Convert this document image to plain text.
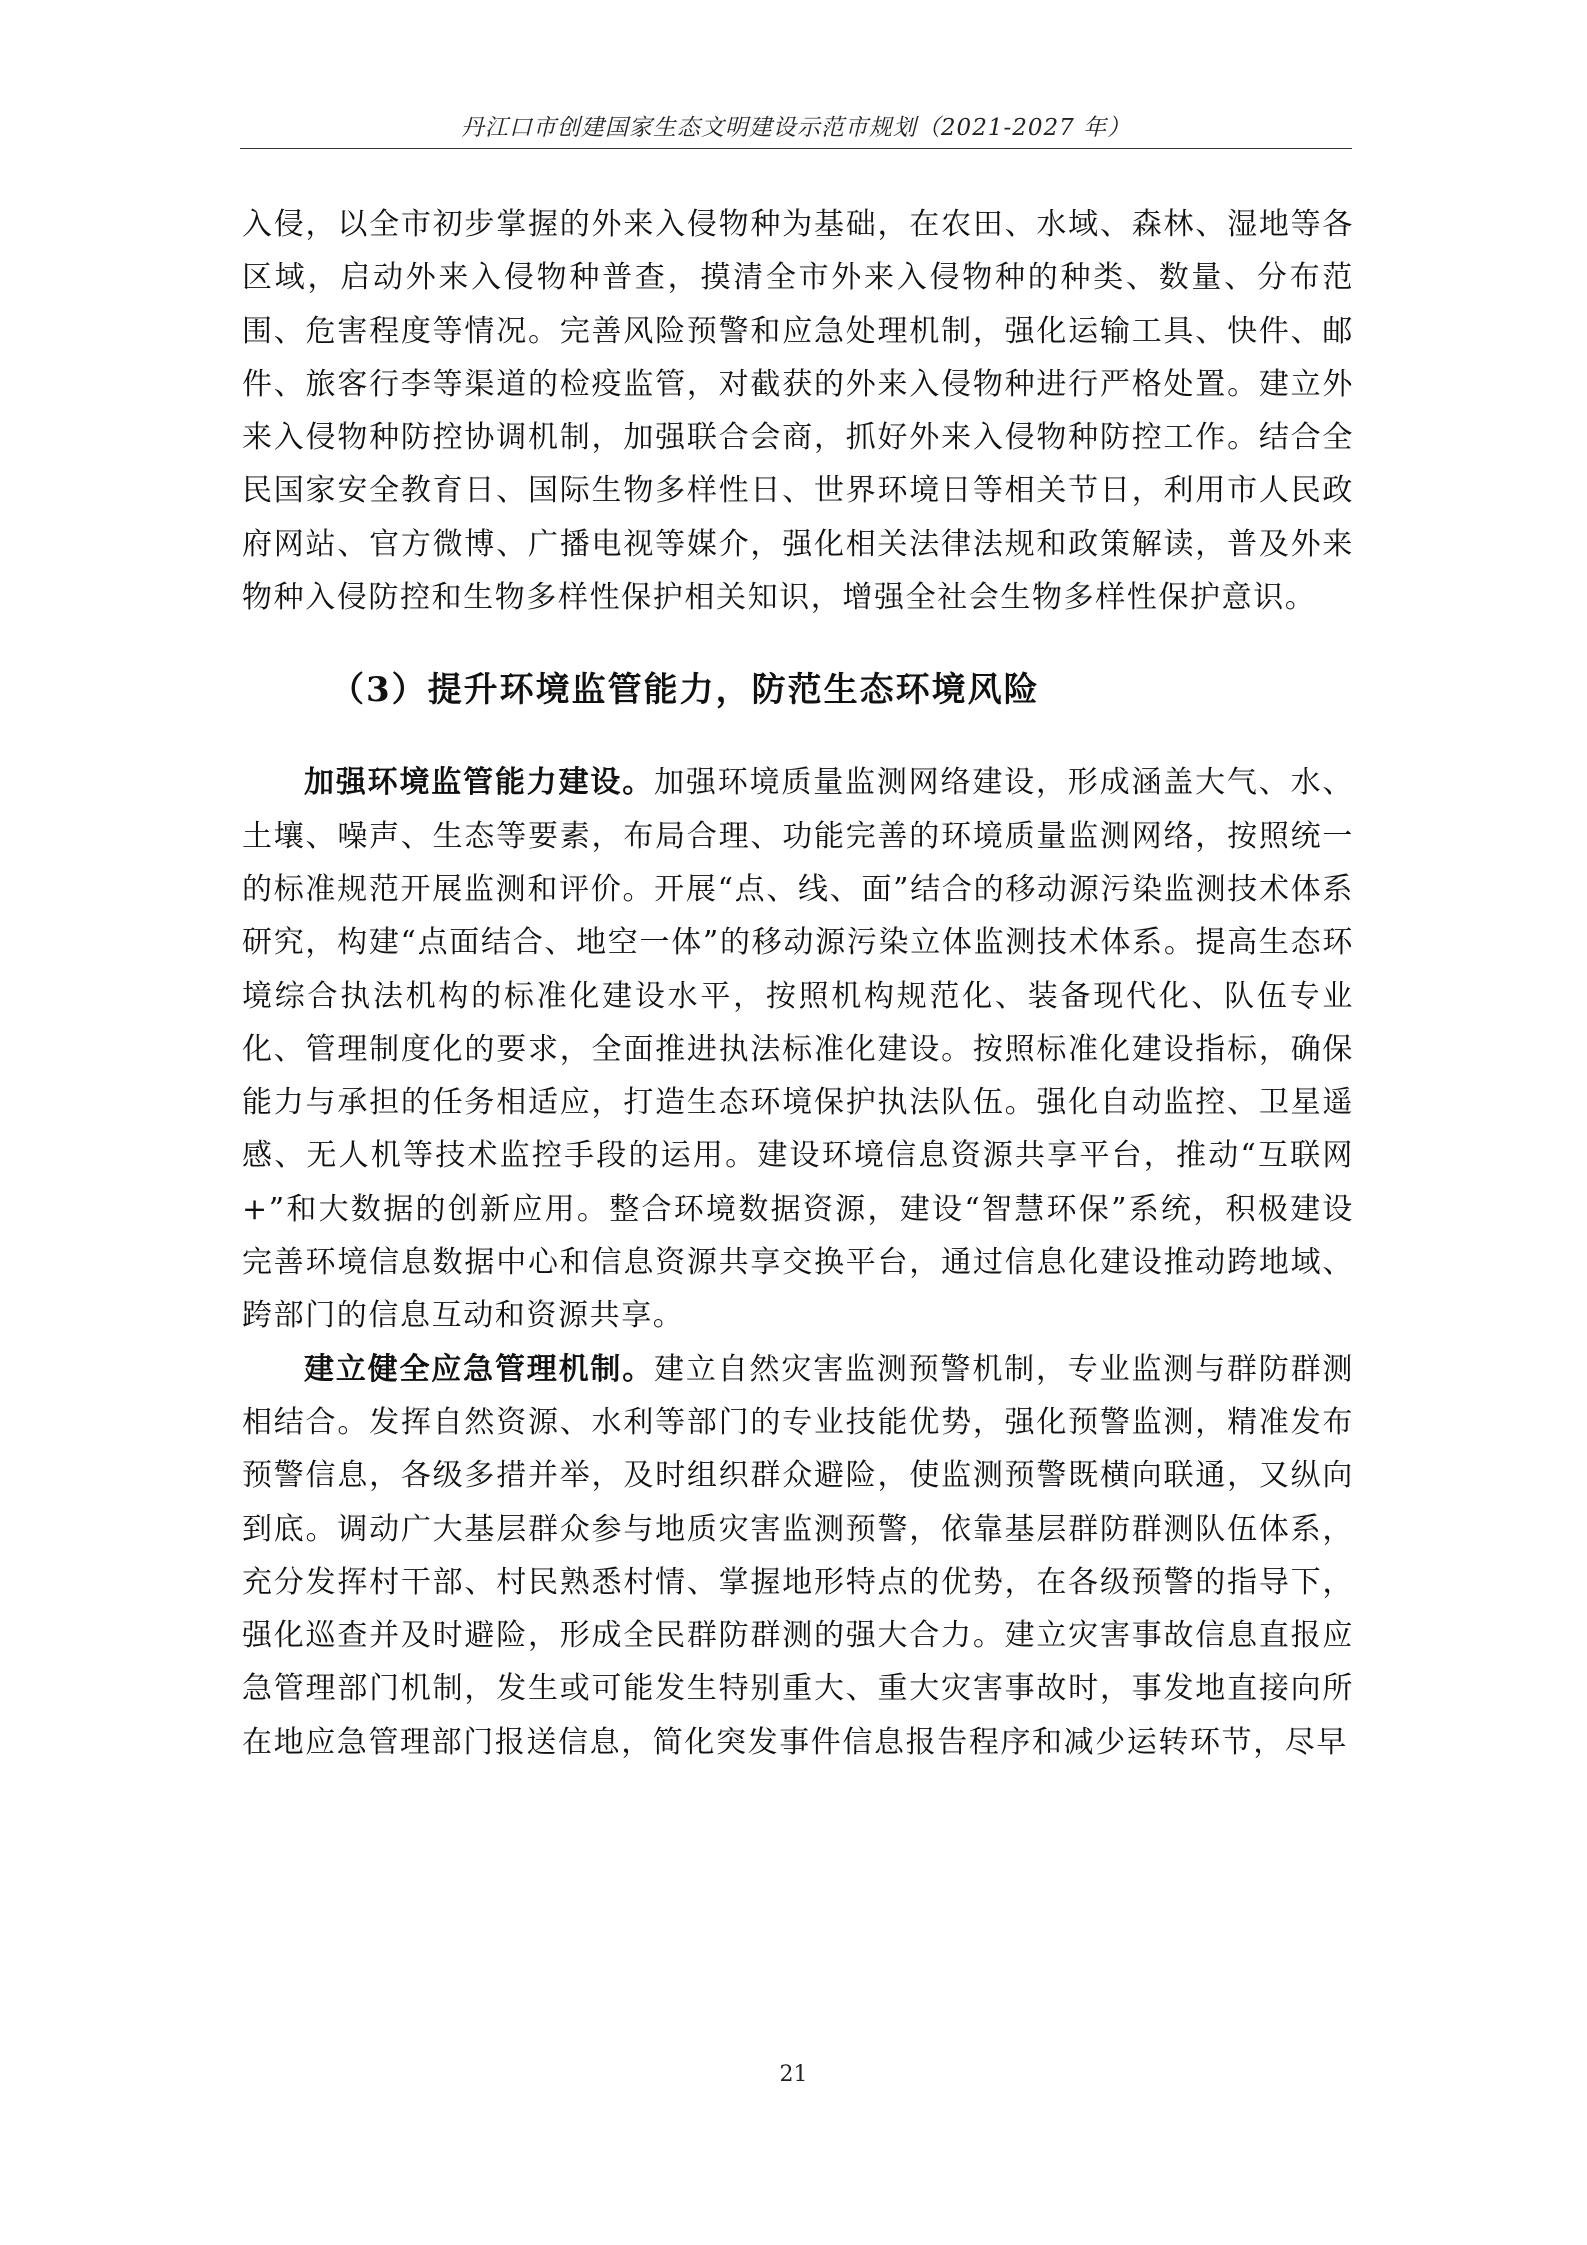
丹江口市创建国家生态文明建设示范市规划（2021-2027 年）

入侵，以全市初步掌握的外来入侵物种为基础，在农田、水域、森林、湿地等各区域，启动外来入侵物种普查，摸清全市外来入侵物种的种类、数量、分布范围、危害程度等情况。完善风险预警和应急处理机制，强化运输工具、快件、邮件、旅客行李等渠道的检疫监管，对截获的外来入侵物种进行严格处置。建立外来入侵物种防控协调机制，加强联合会商，抓好外来入侵物种防控工作。结合全民国家安全教育日、国际生物多样性日、世界环境日等相关节日，利用市人民政府网站、官方微博、广播电视等媒介，强化相关法律法规和政策解读，普及外来物种入侵防控和生物多样性保护相关知识，增强全社会生物多样性保护意识。

（3）提升环境监管能力，防范生态环境风险

加强环境监管能力建设。加强环境质量监测网络建设，形成涵盖大气、水、土壤、噪声、生态等要素，布局合理、功能完善的环境质量监测网络，按照统一的标准规范开展监测和评价。开展“点、线、面”结合的移动源污染监测技术体系研究，构建“点面结合、地空一体”的移动源污染立体监测技术体系。提高生态环境综合执法机构的标准化建设水平，按照机构规范化、装备现代化、队伍专业化、管理制度化的要求，全面推进执法标准化建设。按照标准化建设指标，确保能力与承担的任务相适应，打造生态环境保护执法队伍。强化自动监控、卫星遥感、无人机等技术监控手段的运用。建设环境信息资源共享平台，推动“互联网+”和大数据的创新应用。整合环境数据资源，建设“智慧环保”系统，积极建设完善环境信息数据中心和信息资源共享交换平台，通过信息化建设推动跨地域、跨部门的信息互动和资源共享。

建立健全应急管理机制。建立自然灾害监测预警机制，专业监测与群防群测相结合。发挥自然资源、水利等部门的专业技能优势，强化预警监测，精准发布预警信息，各级多措并举，及时组织群众避险，使监测预警既横向联通，又纵向到底。调动广大基层群众参与地质灾害监测预警，依靠基层群防群测队伍体系，充分发挥村干部、村民熟悉村情、掌握地形特点的优势，在各级预警的指导下，强化巡查并及时避险，形成全民群防群测的强大合力。建立灾害事故信息直报应急管理部门机制，发生或可能发生特别重大、重大灾害事故时，事发地直接向所在地应急管理部门报送信息，简化突发事件信息报告程序和减少运转环节，尽早

21
